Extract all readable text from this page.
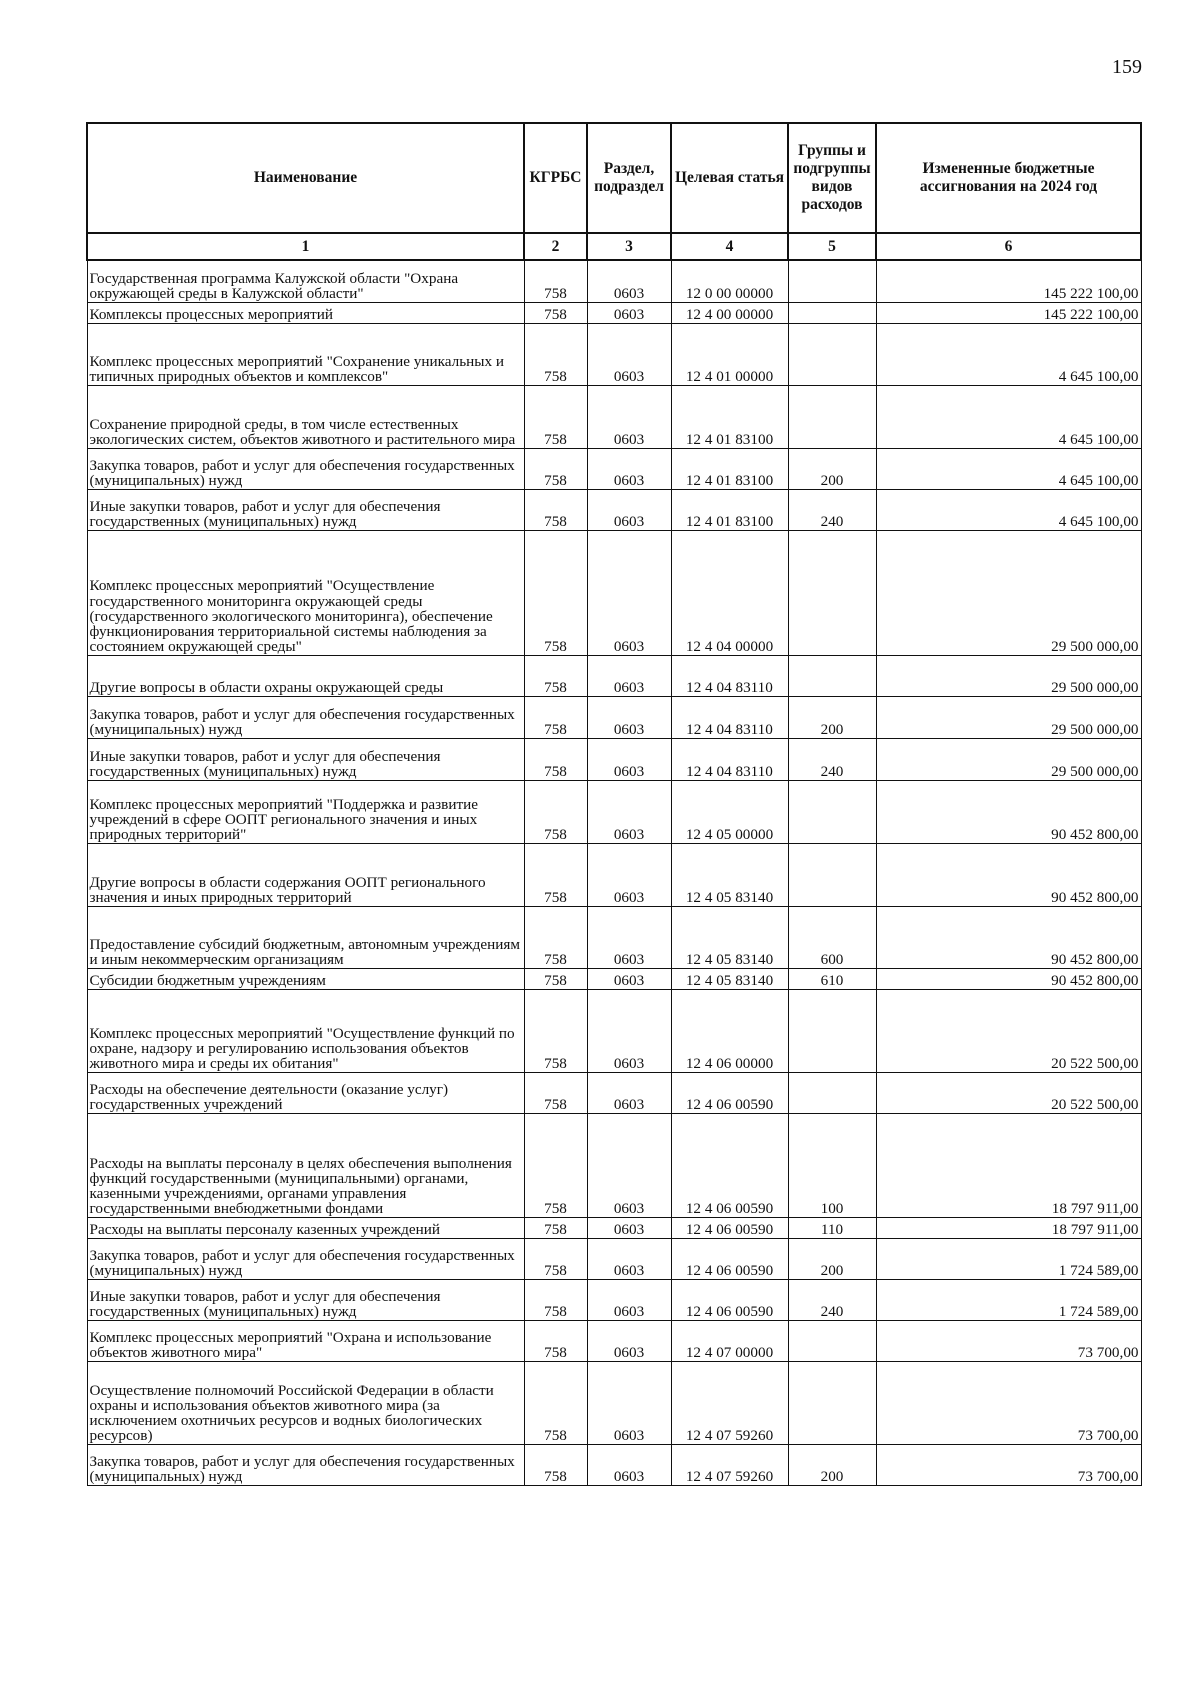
159
Наименование	КГРБС	Раздел, подраздел	Целевая статья	Группы и подгруппы видов расходов	Измененные бюджетные ассигнования на 2024 год
1	2	3	4	5	6
Государственная программа Калужской области "Охрана окружающей среды в Калужской области"	758	0603	12 0 00 00000		145 222 100,00
Комплексы процессных мероприятий	758	0603	12 4 00 00000		145 222 100,00
Комплекс процессных мероприятий "Сохранение уникальных и типичных природных объектов и комплексов"	758	0603	12 4 01 00000		4 645 100,00
Сохранение природной среды, в том числе естественных экологических систем, объектов животного и растительного мира	758	0603	12 4 01 83100		4 645 100,00
Закупка товаров, работ и услуг для обеспечения государственных (муниципальных) нужд	758	0603	12 4 01 83100	200	4 645 100,00
Иные закупки товаров, работ и услуг для обеспечения государственных (муниципальных) нужд	758	0603	12 4 01 83100	240	4 645 100,00
Комплекс процессных мероприятий "Осуществление государственного мониторинга окружающей среды (государственного экологического мониторинга), обеспечение функционирования территориальной системы наблюдения за состоянием окружающей среды"	758	0603	12 4 04 00000		29 500 000,00
Другие вопросы в области охраны окружающей среды	758	0603	12 4 04 83110		29 500 000,00
Закупка товаров, работ и услуг для обеспечения государственных (муниципальных) нужд	758	0603	12 4 04 83110	200	29 500 000,00
Иные закупки товаров, работ и услуг для обеспечения государственных (муниципальных) нужд	758	0603	12 4 04 83110	240	29 500 000,00
Комплекс процессных мероприятий "Поддержка и развитие учреждений в сфере ООПТ регионального значения и иных природных территорий"	758	0603	12 4 05 00000		90 452 800,00
Другие вопросы в области содержания ООПТ регионального значения и иных природных территорий	758	0603	12 4 05 83140		90 452 800,00
Предоставление субсидий бюджетным, автономным учреждениям и иным некоммерческим организациям	758	0603	12 4 05 83140	600	90 452 800,00
Субсидии бюджетным учреждениям	758	0603	12 4 05 83140	610	90 452 800,00
Комплекс процессных мероприятий "Осуществление функций по охране, надзору и регулированию использования объектов животного мира и среды их обитания"	758	0603	12 4 06 00000		20 522 500,00
Расходы на обеспечение деятельности (оказание услуг) государственных учреждений	758	0603	12 4 06 00590		20 522 500,00
Расходы на выплаты персоналу в целях обеспечения выполнения функций государственными (муниципальными) органами, казенными учреждениями, органами управления государственными внебюджетными фондами	758	0603	12 4 06 00590	100	18 797 911,00
Расходы на выплаты персоналу казенных учреждений	758	0603	12 4 06 00590	110	18 797 911,00
Закупка товаров, работ и услуг для обеспечения государственных (муниципальных) нужд	758	0603	12 4 06 00590	200	1 724 589,00
Иные закупки товаров, работ и услуг для обеспечения государственных (муниципальных) нужд	758	0603	12 4 06 00590	240	1 724 589,00
Комплекс процессных мероприятий "Охрана и использование объектов животного мира"	758	0603	12 4 07 00000		73 700,00
Осуществление полномочий Российской Федерации в области охраны и использования объектов животного мира (за исключением охотничьих ресурсов и водных биологических ресурсов)	758	0603	12 4 07 59260		73 700,00
Закупка товаров, работ и услуг для обеспечения государственных (муниципальных) нужд	758	0603	12 4 07 59260	200	73 700,00
